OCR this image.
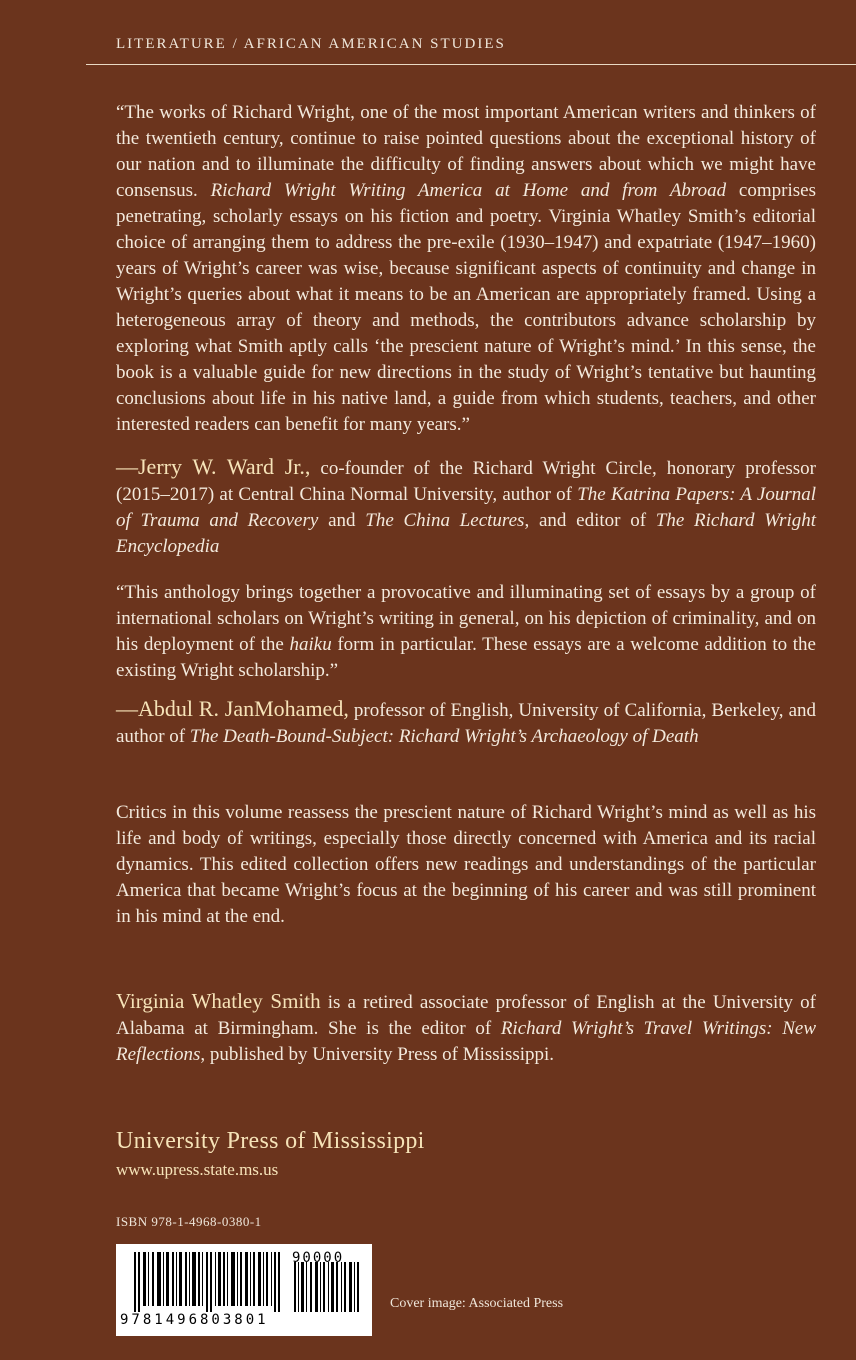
LITERATURE / AFRICAN AMERICAN STUDIES

“The works of Richard Wright, one of the most important American writers and thinkers of the twentieth century, continue to raise pointed questions about the exceptional history of our nation and to illuminate the difficulty of finding answers about which we might have consensus. Richard Wright Writing America at Home and from Abroad comprises penetrating, scholarly essays on his fiction and poetry. Virginia Whatley Smith’s editorial choice of arranging them to address the pre-exile (1930–1947) and expatriate (1947–1960) years of Wright’s career was wise, because significant aspects of continuity and change in Wright’s queries about what it means to be an American are appropriately framed. Using a heterogeneous array of theory and methods, the contributors advance scholarship by exploring what Smith aptly calls ‘the prescient nature of Wright’s mind.’ In this sense, the book is a valuable guide for new directions in the study of Wright’s tentative but haunting conclusions about life in his native land, a guide from which students, teachers, and other interested readers can benefit for many years.”

—Jerry W. Ward Jr., co-founder of the Richard Wright Circle, honorary professor (2015–2017) at Central China Normal University, author of The Katrina Papers: A Journal of Trauma and Recovery and The China Lectures, and editor of The Richard Wright Encyclopedia

“This anthology brings together a provocative and illuminating set of essays by a group of international scholars on Wright’s writing in general, on his depiction of criminality, and on his deployment of the haiku form in particular. These essays are a welcome addition to the existing Wright scholarship.”

—Abdul R. JanMohamed, professor of English, University of California, Berkeley, and author of The Death-Bound-Subject: Richard Wright’s Archaeology of Death

Critics in this volume reassess the prescient nature of Richard Wright’s mind as well as his life and body of writings, especially those directly concerned with America and its racial dynamics. This edited collection offers new readings and understandings of the particular America that became Wright’s focus at the beginning of his career and was still prominent in his mind at the end.

Virginia Whatley Smith is a retired associate professor of English at the University of Alabama at Birmingham. She is the editor of Richard Wright’s Travel Writings: New Reflections, published by University Press of Mississippi.

University Press of Mississippi
www.upress.state.ms.us
ISBN 978-1-4968-0380-1
9781496803801
90000
Cover image: Associated Press
